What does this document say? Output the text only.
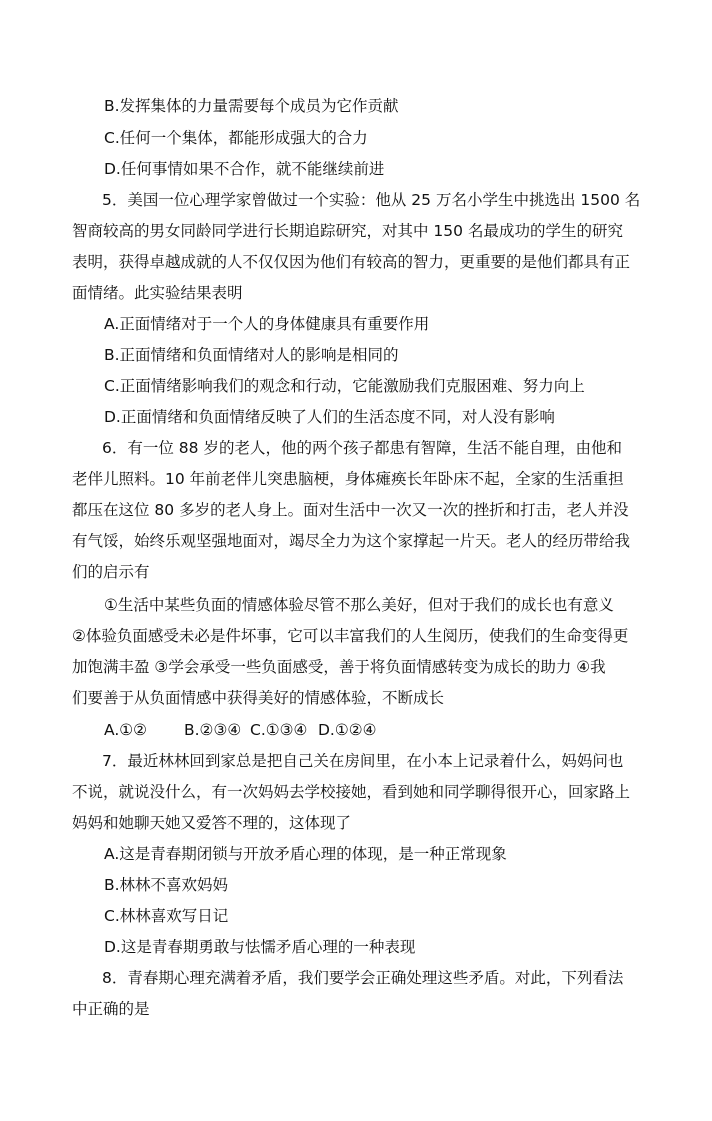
B.发挥集体的力量需要每个成员为它作贡献
C.任何一个集体，都能形成强大的合力
D.任何事情如果不合作，就不能继续前进
5．美国一位心理学家曾做过一个实验：他从 25 万名小学生中挑选出 1500 名
智商较高的男女同龄同学进行长期追踪研究，对其中 150 名最成功的学生的研究
表明，获得卓越成就的人不仅仅因为他们有较高的智力，更重要的是他们都具有正
面情绪。此实验结果表明
A.正面情绪对于一个人的身体健康具有重要作用
B.正面情绪和负面情绪对人的影响是相同的
C.正面情绪影响我们的观念和行动，它能激励我们克服困难、努力向上
D.正面情绪和负面情绪反映了人们的生活态度不同，对人没有影响
6．有一位 88 岁的老人，他的两个孩子都患有智障，生活不能自理，由他和
老伴儿照料。10 年前老伴儿突患脑梗，身体瘫痪长年卧床不起，全家的生活重担
都压在这位 80 多岁的老人身上。面对生活中一次又一次的挫折和打击，老人并没
有气馁，始终乐观坚强地面对，竭尽全力为这个家撑起一片天。老人的经历带给我
们的启示有
①生活中某些负面的情感体验尽管不那么美好，但对于我们的成长也有意义
②体验负面感受未必是件坏事，它可以丰富我们的人生阅历，使我们的生命变得更
加饱满丰盈 ③学会承受一些负面感受，善于将负面情感转变为成长的助力 ④我
们要善于从负面情感中获得美好的情感体验，不断成长
A.①② B.②③④ C.①③④ D.①②④
7．最近林林回到家总是把自己关在房间里，在小本上记录着什么，妈妈问也
不说，就说没什么，有一次妈妈去学校接她，看到她和同学聊得很开心，回家路上
妈妈和她聊天她又爱答不理的，这体现了
A.这是青春期闭锁与开放矛盾心理的体现，是一种正常现象
B.林林不喜欢妈妈
C.林林喜欢写日记
D.这是青春期勇敢与怯懦矛盾心理的一种表现
8．青春期心理充满着矛盾，我们要学会正确处理这些矛盾。对此，下列看法
中正确的是
